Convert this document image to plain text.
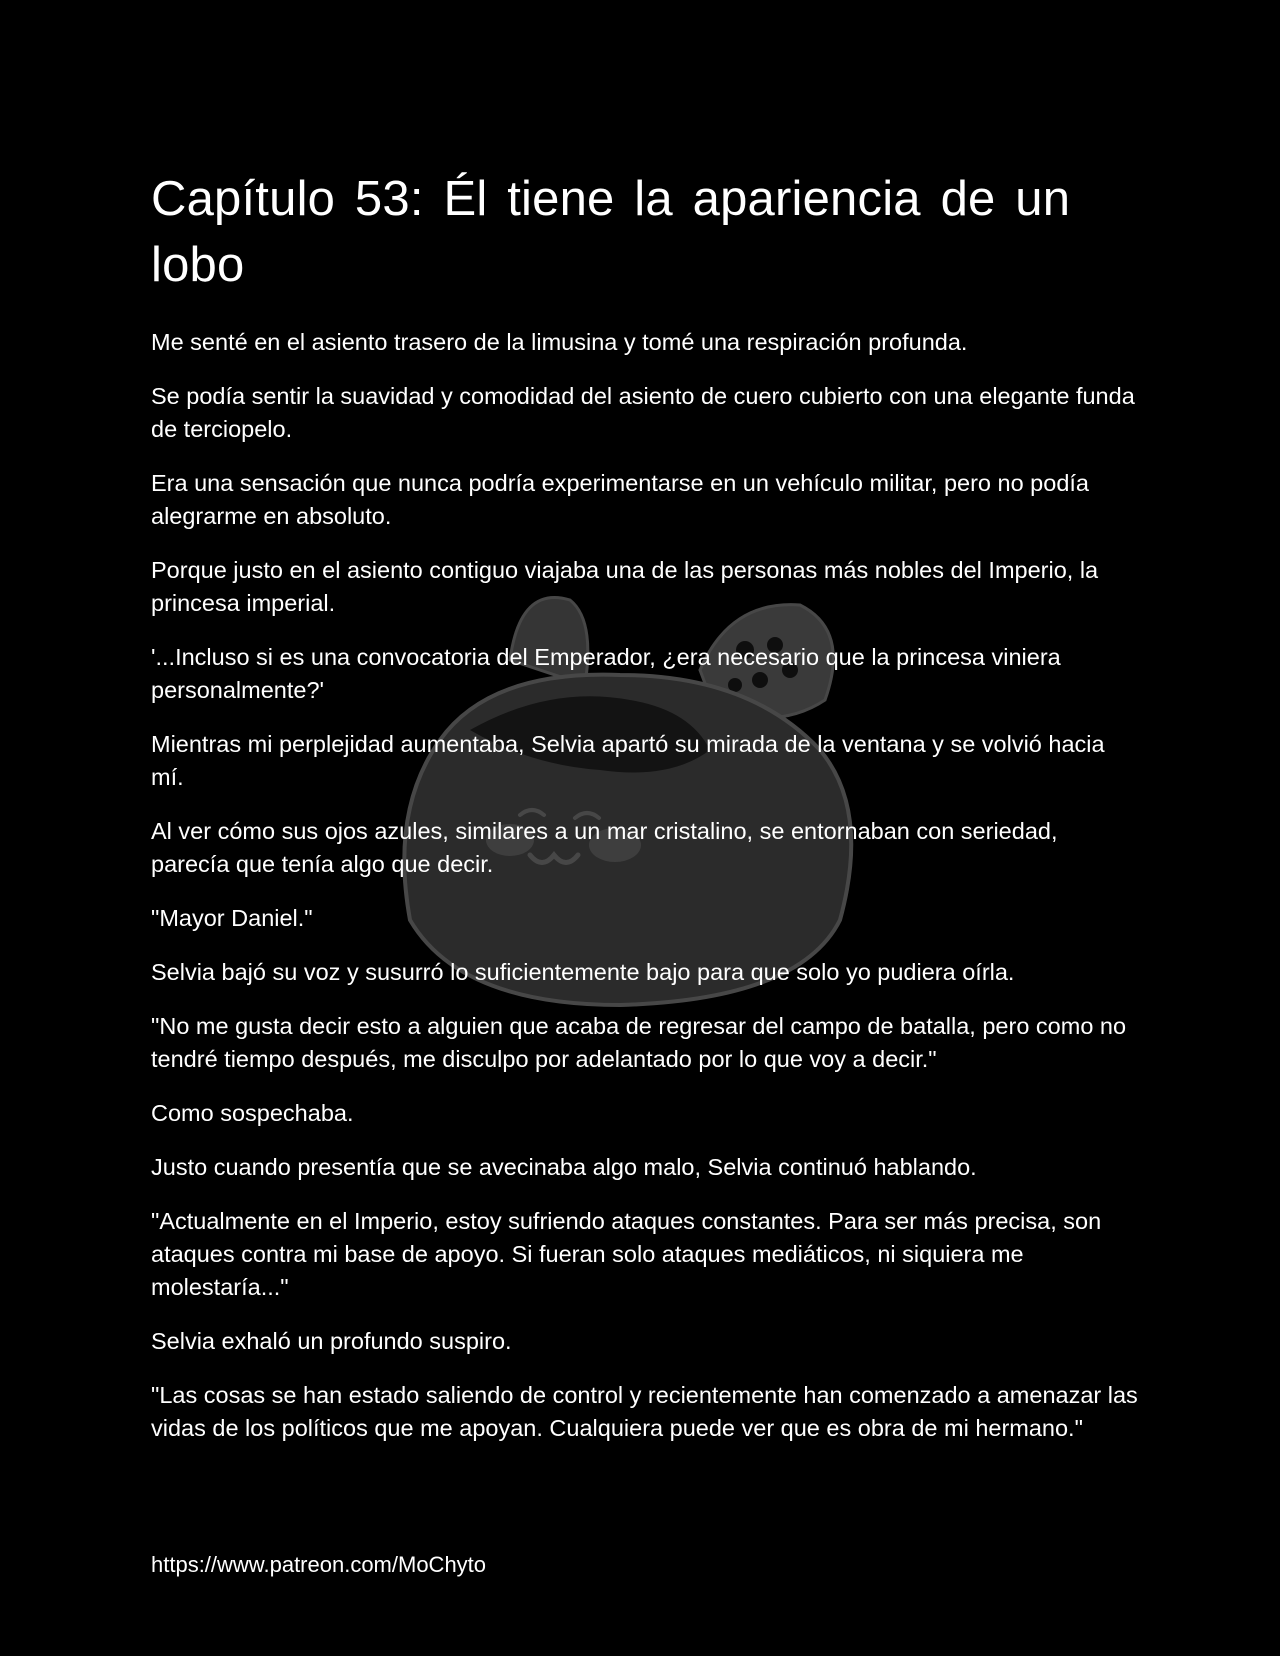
Capítulo 53: Él tiene la apariencia de un lobo

Me senté en el asiento trasero de la limusina y tomé una respiración profunda.

Se podía sentir la suavidad y comodidad del asiento de cuero cubierto con una elegante funda de terciopelo.

Era una sensación que nunca podría experimentarse en un vehículo militar, pero no podía alegrarme en absoluto.

Porque justo en el asiento contiguo viajaba una de las personas más nobles del Imperio, la princesa imperial.

'...Incluso si es una convocatoria del Emperador, ¿era necesario que la princesa viniera personalmente?'

Mientras mi perplejidad aumentaba, Selvia apartó su mirada de la ventana y se volvió hacia mí.

Al ver cómo sus ojos azules, similares a un mar cristalino, se entornaban con seriedad, parecía que tenía algo que decir.

"Mayor Daniel."

Selvia bajó su voz y susurró lo suficientemente bajo para que solo yo pudiera oírla.

"No me gusta decir esto a alguien que acaba de regresar del campo de batalla, pero como no tendré tiempo después, me disculpo por adelantado por lo que voy a decir."

Como sospechaba.

Justo cuando presentía que se avecinaba algo malo, Selvia continuó hablando.

"Actualmente en el Imperio, estoy sufriendo ataques constantes. Para ser más precisa, son ataques contra mi base de apoyo. Si fueran solo ataques mediáticos, ni siquiera me molestaría..."

Selvia exhaló un profundo suspiro.

"Las cosas se han estado saliendo de control y recientemente han comenzado a amenazar las vidas de los políticos que me apoyan. Cualquiera puede ver que es obra de mi hermano."

https://www.patreon.com/MoChyto
